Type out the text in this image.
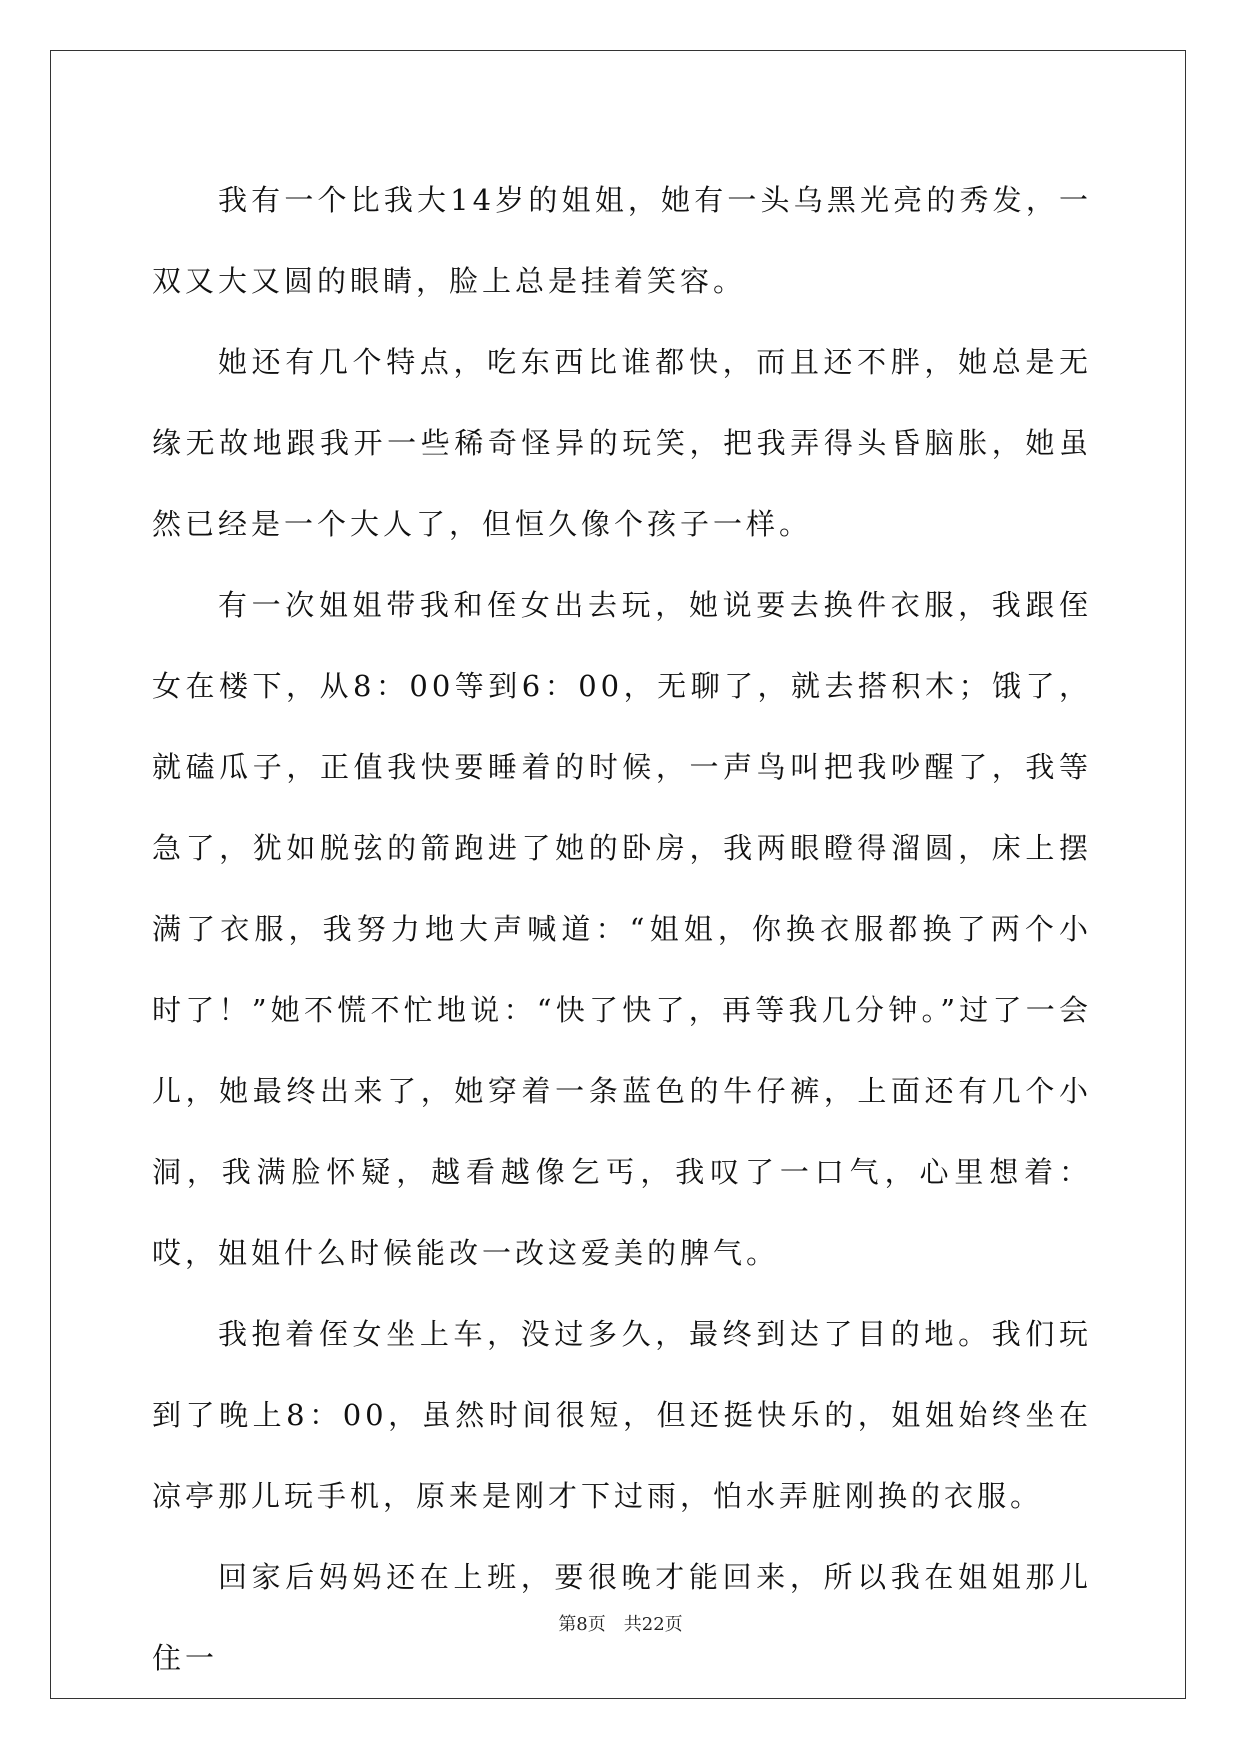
我有一个比我大14岁的姐姐，她有一头乌黑光亮的秀发，一双又大又圆的眼睛，脸上总是挂着笑容。

她还有几个特点，吃东西比谁都快，而且还不胖，她总是无缘无故地跟我开一些稀奇怪异的玩笑，把我弄得头昏脑胀，她虽然已经是一个大人了，但恒久像个孩子一样。

有一次姐姐带我和侄女出去玩，她说要去换件衣服，我跟侄女在楼下，从8：00等到6：00，无聊了，就去搭积木；饿了，就磕瓜子，正值我快要睡着的时候，一声鸟叫把我吵醒了，我等急了，犹如脱弦的箭跑进了她的卧房，我两眼瞪得溜圆，床上摆满了衣服，我努力地大声喊道：“姐姐，你换衣服都换了两个小时了！”她不慌不忙地说：“快了快了，再等我几分钟。”过了一会儿，她最终出来了，她穿着一条蓝色的牛仔裤，上面还有几个小洞，我满脸怀疑，越看越像乞丐，我叹了一口气，心里想着：哎，姐姐什么时候能改一改这爱美的脾气。

我抱着侄女坐上车，没过多久，最终到达了目的地。我们玩到了晚上8：00，虽然时间很短，但还挺快乐的，姐姐始终坐在凉亭那儿玩手机，原来是刚才下过雨，怕水弄脏刚换的衣服。

回家后妈妈还在上班，要很晚才能回来，所以我在姐姐那儿住一

第8页 共22页
